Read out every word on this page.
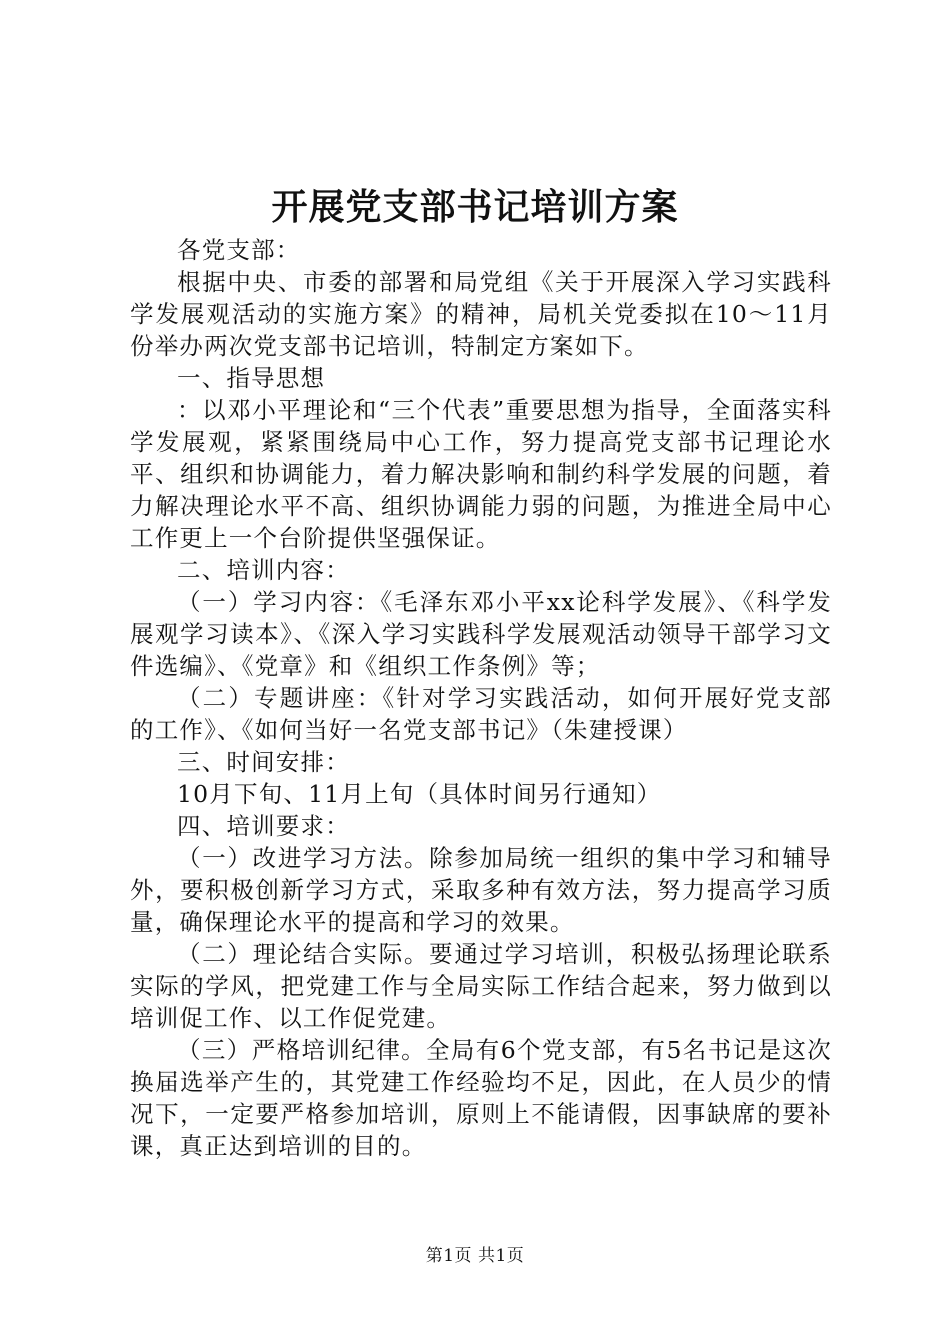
开展党支部书记培训方案

各党支部：

根据中央、市委的部署和局党组《关于开展深入学习实践科学发展观活动的实施方案》的精神，局机关党委拟在10～11月份举办两次党支部书记培训，特制定方案如下。

一、指导思想

：以邓小平理论和“三个代表”重要思想为指导，全面落实科学发展观，紧紧围绕局中心工作，努力提高党支部书记理论水平、组织和协调能力，着力解决影响和制约科学发展的问题，着力解决理论水平不高、组织协调能力弱的问题，为推进全局中心工作更上一个台阶提供坚强保证。

二、培训内容：

（一）学习内容：《毛泽东邓小平xx论科学发展》、《科学发展观学习读本》、《深入学习实践科学发展观活动领导干部学习文件选编》、《党章》和《组织工作条例》等；

（二）专题讲座：《针对学习实践活动，如何开展好党支部的工作》、《如何当好一名党支部书记》（朱建授课）

三、时间安排：

10月下旬、11月上旬（具体时间另行通知）

四、培训要求：

（一）改进学习方法。除参加局统一组织的集中学习和辅导外，要积极创新学习方式，采取多种有效方法，努力提高学习质量，确保理论水平的提高和学习的效果。

（二）理论结合实际。要通过学习培训，积极弘扬理论联系实际的学风，把党建工作与全局实际工作结合起来，努力做到以培训促工作、以工作促党建。

（三）严格培训纪律。全局有6个党支部，有5名书记是这次换届选举产生的，其党建工作经验均不足，因此，在人员少的情况下，一定要严格参加培训，原则上不能请假，因事缺席的要补课，真正达到培训的目的。

第1页 共1页
